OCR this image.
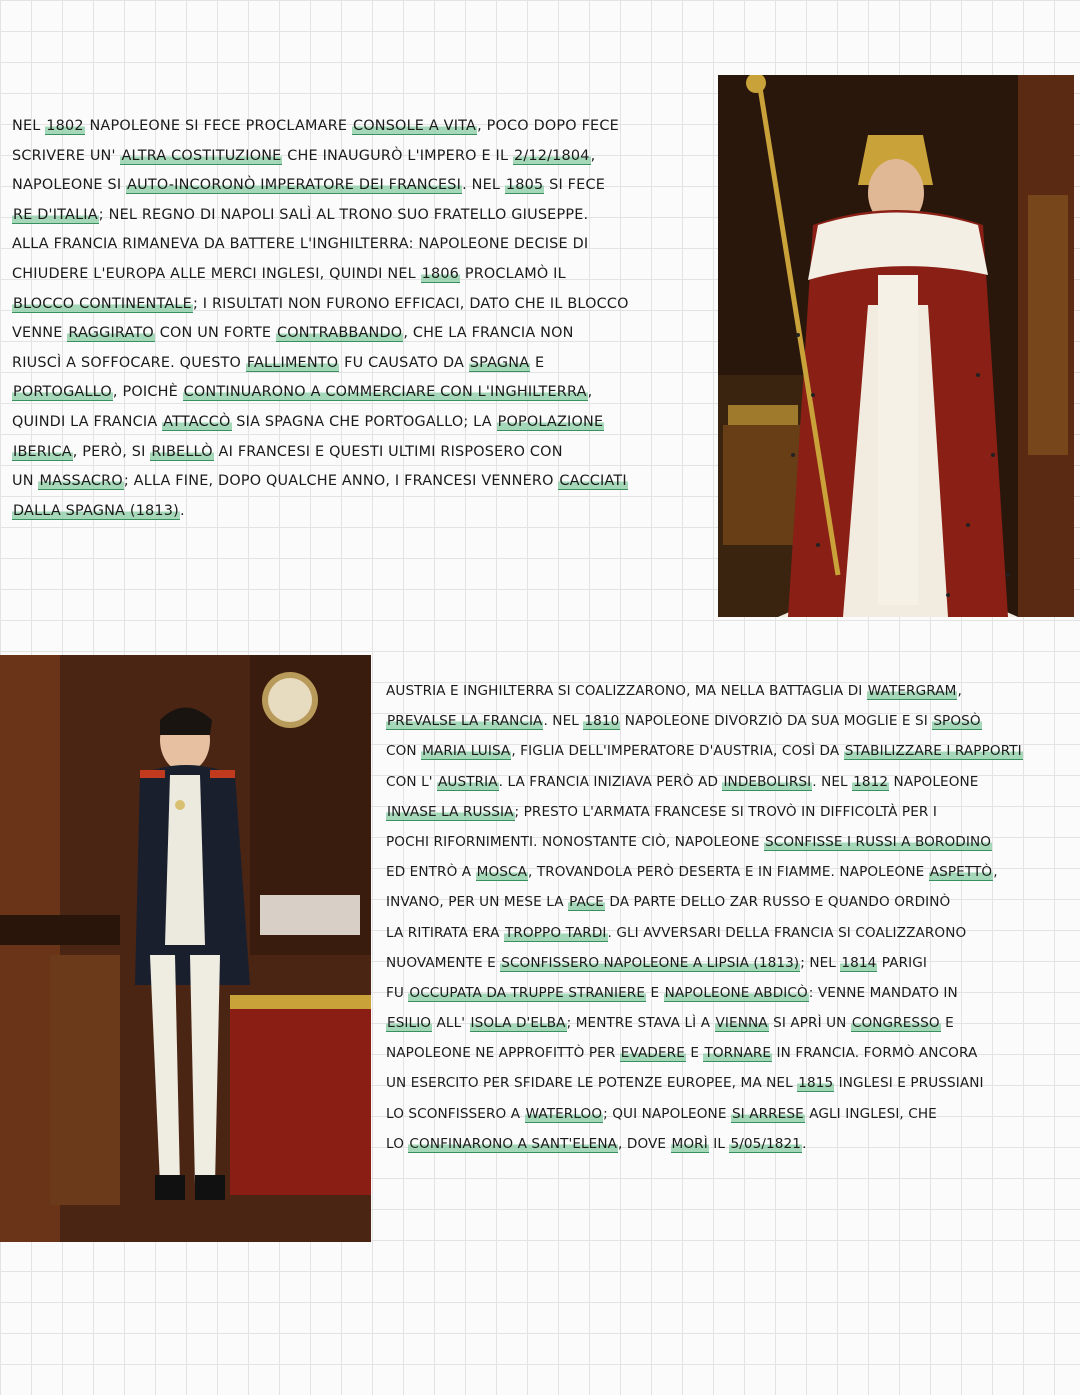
NEL 1802 NAPOLEONE SI FECE PROCLAMARE CONSOLE A VITA, POCO DOPO FECE
SCRIVERE UN' ALTRA COSTITUZIONE CHE INAUGURÒ L'IMPERO E IL 2/12/1804,
NAPOLEONE SI AUTO-INCORONÒ IMPERATORE DEI FRANCESI. NEL 1805 SI FECE
RE D'ITALIA; NEL REGNO DI NAPOLI SALÌ AL TRONO SUO FRATELLO GIUSEPPE.
ALLA FRANCIA RIMANEVA DA BATTERE L'INGHILTERRA: NAPOLEONE DECISE DI
CHIUDERE L'EUROPA ALLE MERCI INGLESI, QUINDI NEL 1806 PROCLAMÒ IL
BLOCCO CONTINENTALE; I RISULTATI NON FURONO EFFICACI, DATO CHE IL BLOCCO
VENNE RAGGIRATO CON UN FORTE CONTRABBANDO, CHE LA FRANCIA NON
RIUSCÌ A SOFFOCARE. QUESTO FALLIMENTO FU CAUSATO DA SPAGNA E
PORTOGALLO, POICHÈ CONTINUARONO A COMMERCIARE CON L'INGHILTERRA,
QUINDI LA FRANCIA ATTACCÒ SIA SPAGNA CHE PORTOGALLO; LA POPOLAZIONE
IBERICA, PERÒ, SI RIBELLÒ AI FRANCESI E QUESTI ULTIMI RISPOSERO CON
UN MASSACRO; ALLA FINE, DOPO QUALCHE ANNO, I FRANCESI VENNERO CACCIATI
DALLA SPAGNA (1813).
AUSTRIA E INGHILTERRA SI COALIZZARONO, MA NELLA BATTAGLIA DI WATERGRAM,
PREVALSE LA FRANCIA. NEL 1810 NAPOLEONE DIVORZIÒ DA SUA MOGLIE E SI SPOSÒ
CON MARIA LUISA, FIGLIA DELL'IMPERATORE D'AUSTRIA, COSÌ DA STABILIZZARE I RAPPORTI
CON L' AUSTRIA. LA FRANCIA INIZIAVA PERÒ AD INDEBOLIRSI. NEL 1812 NAPOLEONE
INVASE LA RUSSIA; PRESTO L'ARMATA FRANCESE SI TROVÒ IN DIFFICOLTÀ PER I
POCHI RIFORNIMENTI. NONOSTANTE CIÒ, NAPOLEONE SCONFISSE I RUSSI A BORODINO
ED ENTRÒ A MOSCA, TROVANDOLA PERÒ DESERTA E IN FIAMME. NAPOLEONE ASPETTÒ,
INVANO, PER UN MESE LA PACE DA PARTE DELLO ZAR RUSSO E QUANDO ORDINÒ
LA RITIRATA ERA TROPPO TARDI. GLI AVVERSARI DELLA FRANCIA SI COALIZZARONO
NUOVAMENTE E SCONFISSERO NAPOLEONE A LIPSIA (1813); NEL 1814 PARIGI
FU OCCUPATA DA TRUPPE STRANIERE E NAPOLEONE ABDICÒ: VENNE MANDATO IN
ESILIO ALL' ISOLA D'ELBA; MENTRE STAVA LÌ A VIENNA SI APRÌ UN CONGRESSO E
NAPOLEONE NE APPROFITTÒ PER EVADERE E TORNARE IN FRANCIA. FORMÒ ANCORA
UN ESERCITO PER SFIDARE LE POTENZE EUROPEE, MA NEL 1815 INGLESI E PRUSSIANI
LO SCONFISSERO A WATERLOO; QUI NAPOLEONE SI ARRESE AGLI INGLESI, CHE
LO CONFINARONO A SANT'ELENA, DOVE MORÌ IL 5/05/1821.
